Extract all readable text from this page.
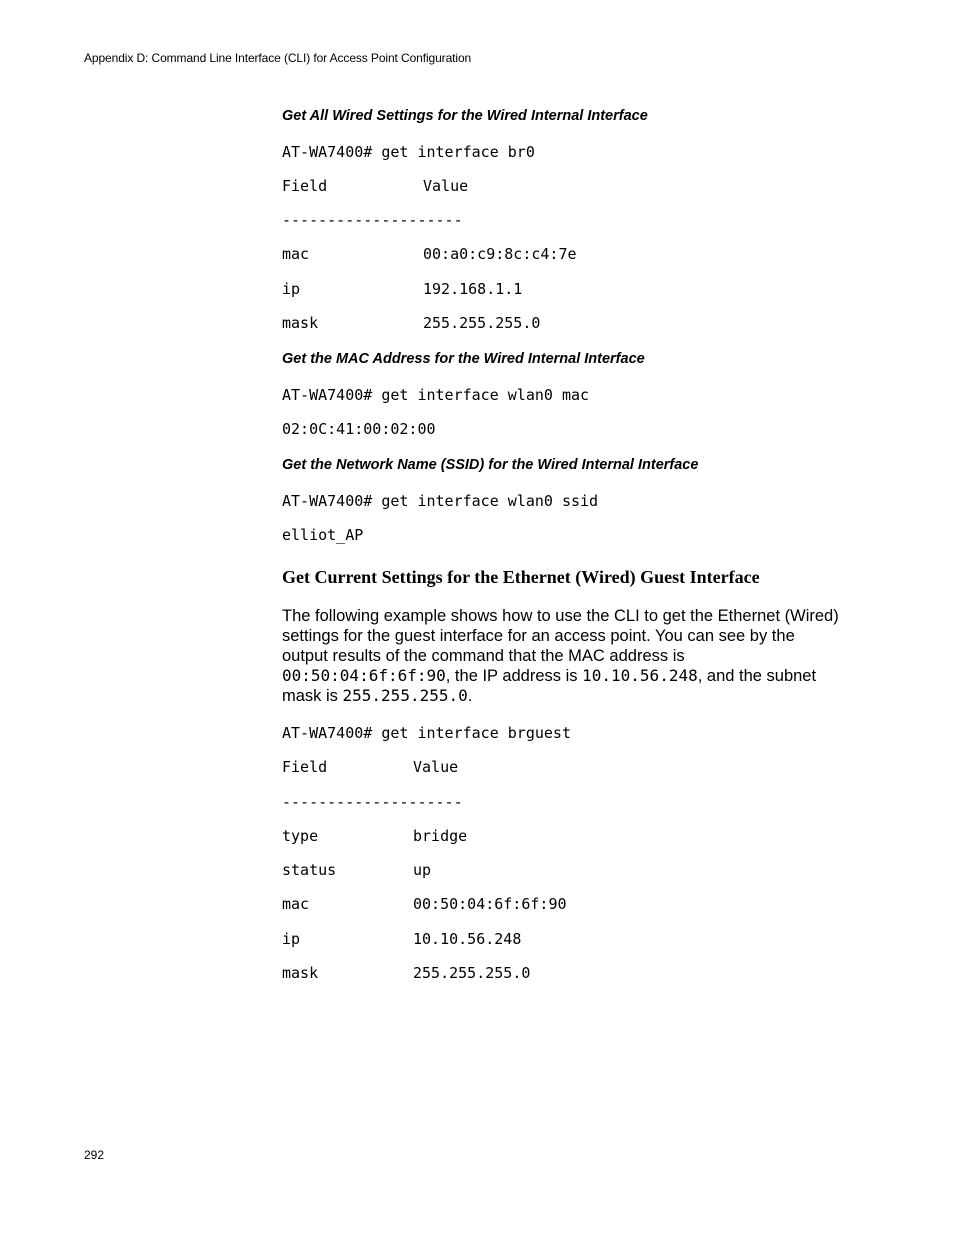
Appendix D: Command Line Interface (CLI) for Access Point Configuration
Get All Wired Settings for the Wired Internal Interface
AT-WA7400# get interface br0
Field	Value
--------------------
mac	00:a0:c9:8c:c4:7e
ip	192.168.1.1
mask	255.255.255.0
Get the MAC Address for the Wired Internal Interface
AT-WA7400# get interface wlan0 mac
02:0C:41:00:02:00
Get the Network Name (SSID) for the Wired Internal Interface
AT-WA7400# get interface wlan0 ssid
elliot_AP
Get Current Settings for the Ethernet (Wired) Guest Interface
The following example shows how to use the CLI to get the Ethernet (Wired) settings for the guest interface for an access point. You can see by the output results of the command that the MAC address is 00:50:04:6f:6f:90, the IP address is 10.10.56.248, and the subnet mask is 255.255.255.0.
AT-WA7400# get interface brguest
Field	Value
--------------------
type	bridge
status	up
mac	00:50:04:6f:6f:90
ip	10.10.56.248
mask	255.255.255.0
292
